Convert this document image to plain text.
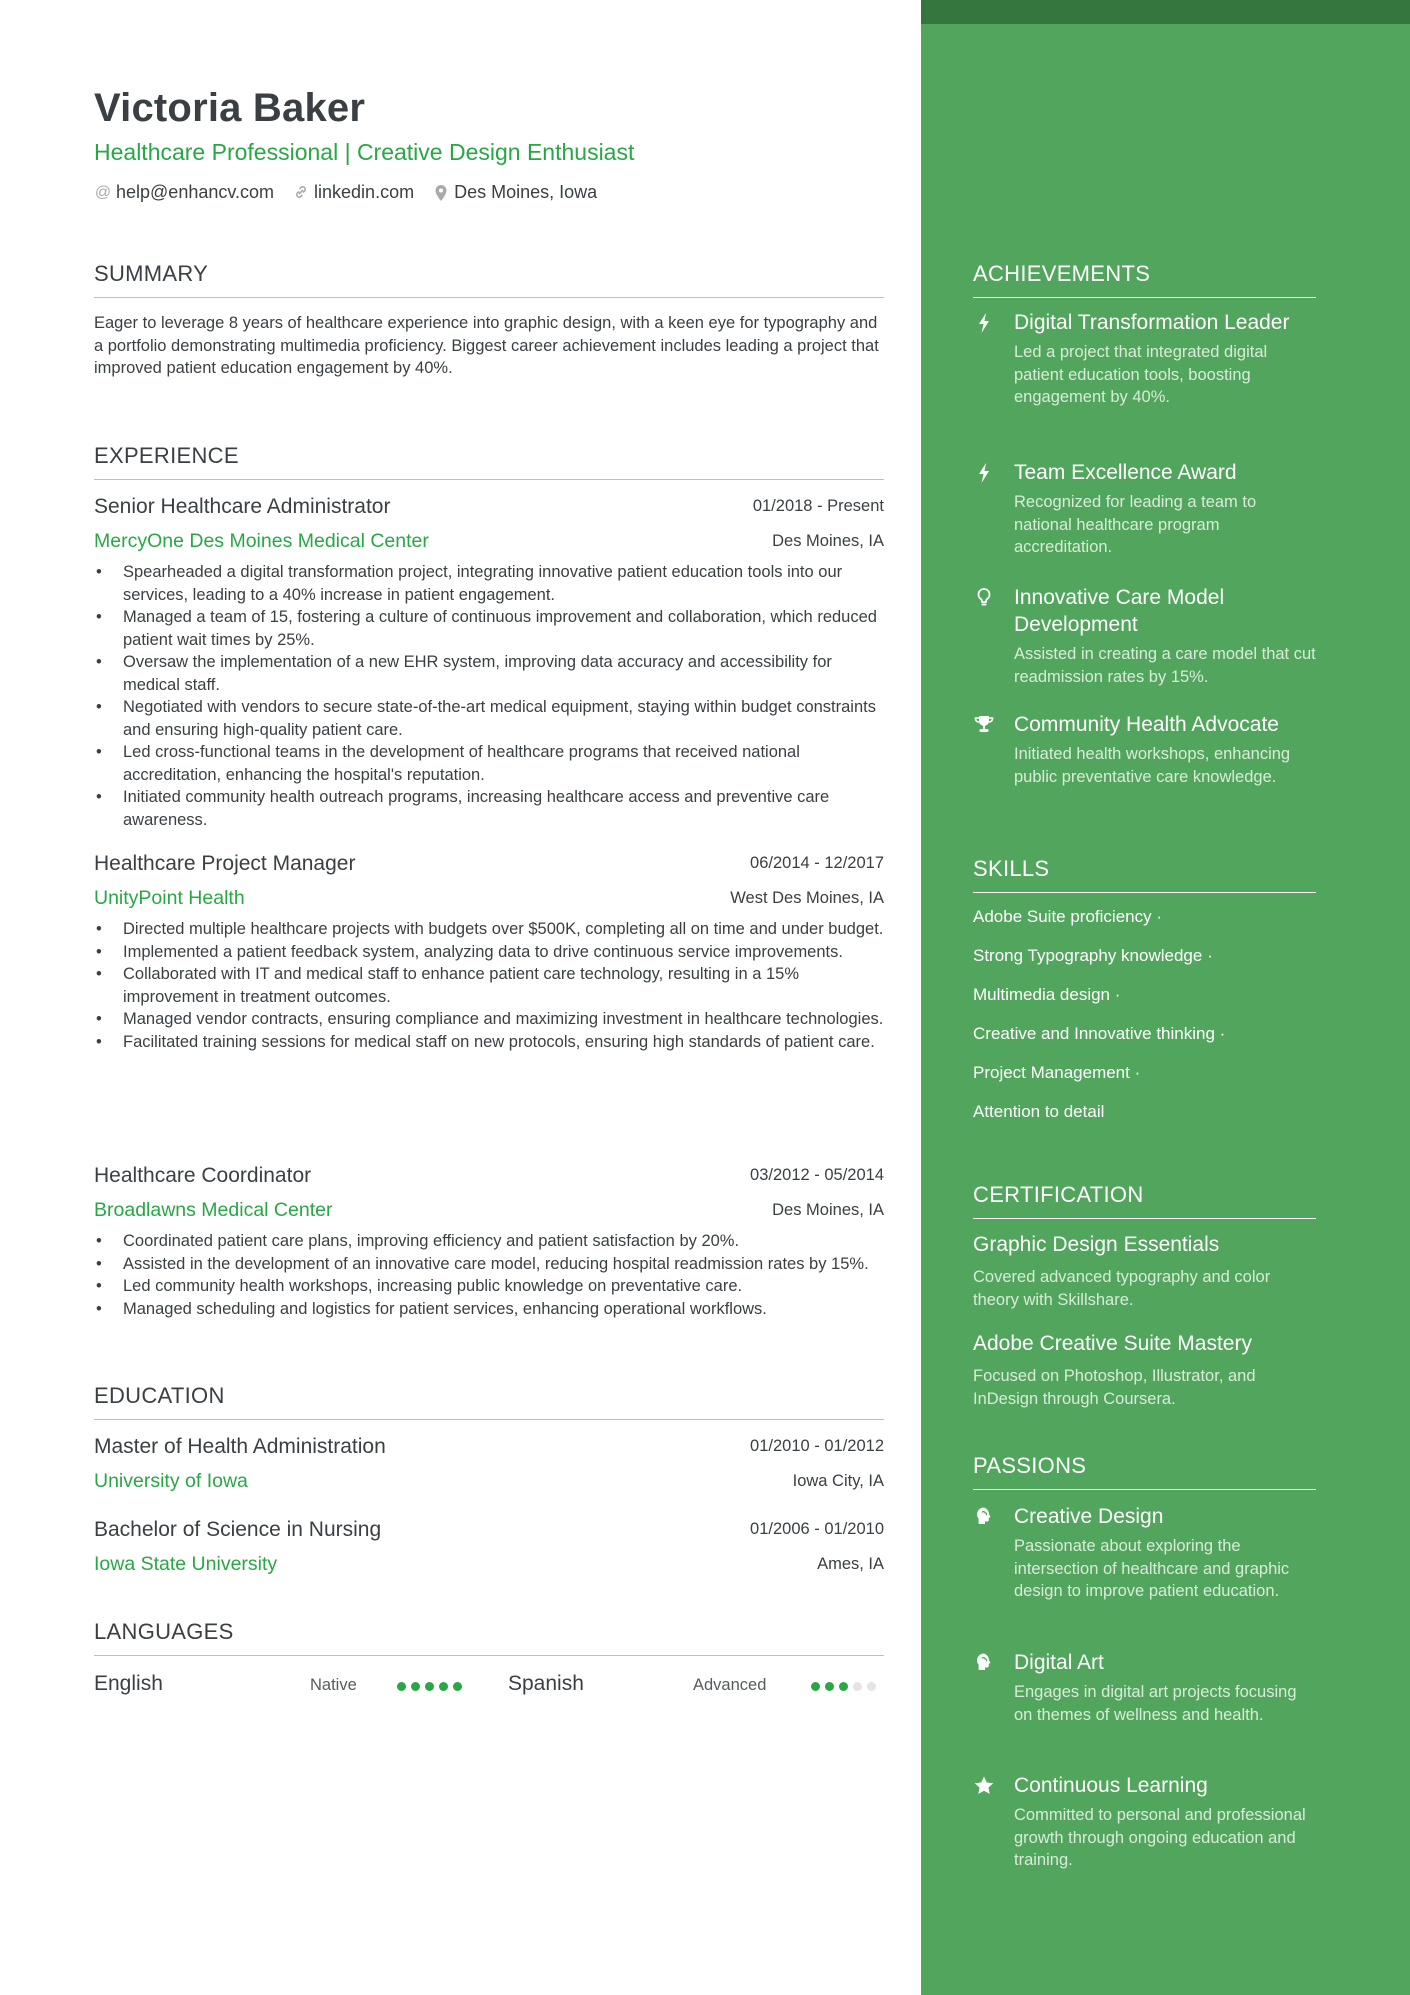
Victoria Baker
Healthcare Professional | Creative Design Enthusiast
@ help@enhancv.com linkedin.com Des Moines, Iowa
SUMMARY
Eager to leverage 8 years of healthcare experience into graphic design, with a keen eye for typography and a portfolio demonstrating multimedia proficiency. Biggest career achievement includes leading a project that improved patient education engagement by 40%.
EXPERIENCE
Senior Healthcare Administrator	01/2018 - Present
MercyOne Des Moines Medical Center	Des Moines, IA
• Spearheaded a digital transformation project, integrating innovative patient education tools into our services, leading to a 40% increase in patient engagement.
• Managed a team of 15, fostering a culture of continuous improvement and collaboration, which reduced patient wait times by 25%.
• Oversaw the implementation of a new EHR system, improving data accuracy and accessibility for medical staff.
• Negotiated with vendors to secure state-of-the-art medical equipment, staying within budget constraints and ensuring high-quality patient care.
• Led cross-functional teams in the development of healthcare programs that received national accreditation, enhancing the hospital's reputation.
• Initiated community health outreach programs, increasing healthcare access and preventive care awareness.
Healthcare Project Manager	06/2014 - 12/2017
UnityPoint Health	West Des Moines, IA
• Directed multiple healthcare projects with budgets over $500K, completing all on time and under budget.
• Implemented a patient feedback system, analyzing data to drive continuous service improvements.
• Collaborated with IT and medical staff to enhance patient care technology, resulting in a 15% improvement in treatment outcomes.
• Managed vendor contracts, ensuring compliance and maximizing investment in healthcare technologies.
• Facilitated training sessions for medical staff on new protocols, ensuring high standards of patient care.
Healthcare Coordinator	03/2012 - 05/2014
Broadlawns Medical Center	Des Moines, IA
• Coordinated patient care plans, improving efficiency and patient satisfaction by 20%.
• Assisted in the development of an innovative care model, reducing hospital readmission rates by 15%.
• Led community health workshops, increasing public knowledge on preventative care.
• Managed scheduling and logistics for patient services, enhancing operational workflows.
EDUCATION
Master of Health Administration	01/2010 - 01/2012
University of Iowa	Iowa City, IA
Bachelor of Science in Nursing	01/2006 - 01/2010
Iowa State University	Ames, IA
LANGUAGES
English	Native	Spanish	Advanced
ACHIEVEMENTS
Digital Transformation Leader
Led a project that integrated digital patient education tools, boosting engagement by 40%.
Team Excellence Award
Recognized for leading a team to national healthcare program accreditation.
Innovative Care Model Development
Assisted in creating a care model that cut readmission rates by 15%.
Community Health Advocate
Initiated health workshops, enhancing public preventative care knowledge.
SKILLS
Adobe Suite proficiency ·
Strong Typography knowledge ·
Multimedia design ·
Creative and Innovative thinking ·
Project Management ·
Attention to detail
CERTIFICATION
Graphic Design Essentials
Covered advanced typography and color theory with Skillshare.
Adobe Creative Suite Mastery
Focused on Photoshop, Illustrator, and InDesign through Coursera.
PASSIONS
Creative Design
Passionate about exploring the intersection of healthcare and graphic design to improve patient education.
Digital Art
Engages in digital art projects focusing on themes of wellness and health.
Continuous Learning
Committed to personal and professional growth through ongoing education and training.
